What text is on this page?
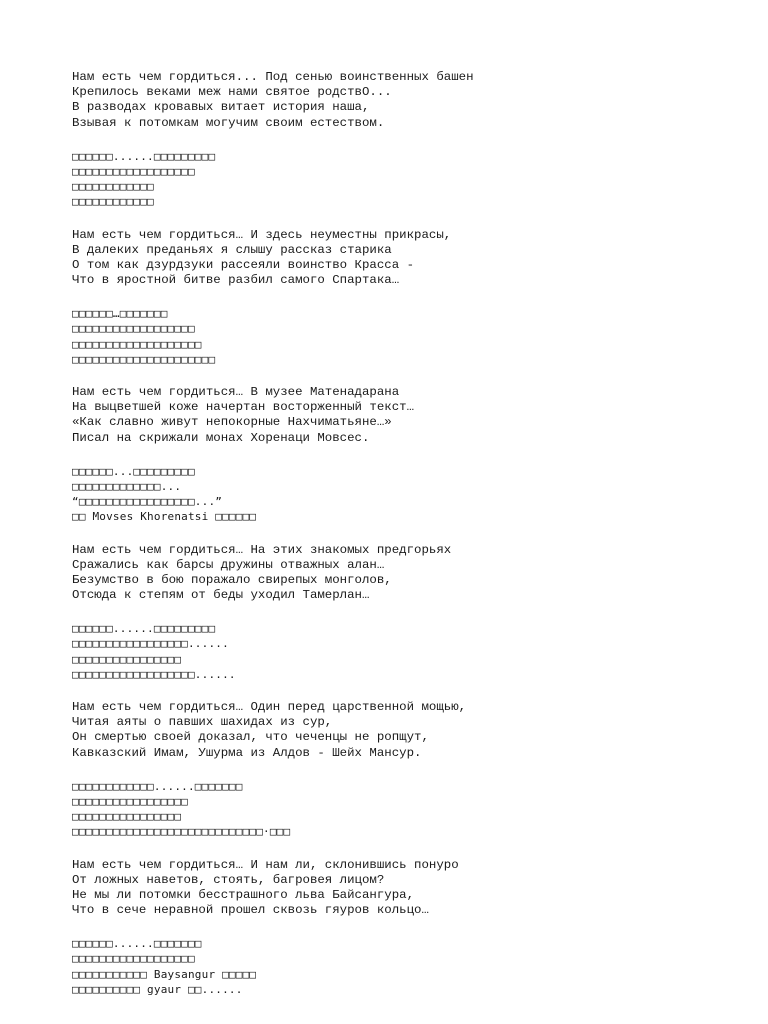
Нам есть чем гордиться... Под сенью воинственных башен
Крепилось веками меж нами святое родствО...
В разводах кровавых витает история наша,
Взывая к потомкам могучим своим естеством.
□□□□□□......□□□□□□□□□
□□□□□□□□□□□□□□□□□□
□□□□□□□□□□□□
□□□□□□□□□□□□
Нам есть чем гордиться… И здесь неуместны прикрасы,
В далеких преданьях я слышу рассказ старика
О том как дзурдзуки рассеяли воинство Красса -
Что в яростной битве разбил самого Спартака…
□□□□□□…□□□□□□□
□□□□□□□□□□□□□□□□□□
□□□□□□□□□□□□□□□□□□□
□□□□□□□□□□□□□□□□□□□□□
Нам есть чем гордиться… В музее Матенадарана
На выцветшей коже начертан восторженный текст…
«Как славно живут непокорные Нахчиматьяне…»
Писал на скрижали монах Хоренаци Мовсес.
□□□□□□...□□□□□□□□□
□□□□□□□□□□□□□...
“□□□□□□□□□□□□□□□□□...”
□□ Movses Khorenatsi □□□□□□
Нам есть чем гордиться… На этих знакомых предгорьях
Сражались как барсы дружины отважных алан…
Безумство в бою поражало свирепых монголов,
Отсюда к степям от беды уходил Тамерлан…
□□□□□□......□□□□□□□□□
□□□□□□□□□□□□□□□□□......
□□□□□□□□□□□□□□□□
□□□□□□□□□□□□□□□□□□......
Нам есть чем гордиться… Один перед царственной мощью,
Читая аяты о павших шахидах из сур,
Он смертью своей доказал, что чеченцы не ропщут,
Кавказский Имам, Ушурма из Алдов - Шейх Мансур.
□□□□□□□□□□□□......□□□□□□□
□□□□□□□□□□□□□□□□□
□□□□□□□□□□□□□□□□
□□□□□□□□□□□□□□□□□□□□□□□□□□□□·□□□
Нам есть чем гордиться… И нам ли, склонившись понуро
От ложных наветов, стоять, багровея лицом?
Не мы ли потомки бесстрашного льва Байсангура,
Что в сече неравной прошел сквозь гяуров кольцо…
□□□□□□......□□□□□□□
□□□□□□□□□□□□□□□□□□
□□□□□□□□□□□ Baysangur □□□□□
□□□□□□□□□□ gyaur □□......
